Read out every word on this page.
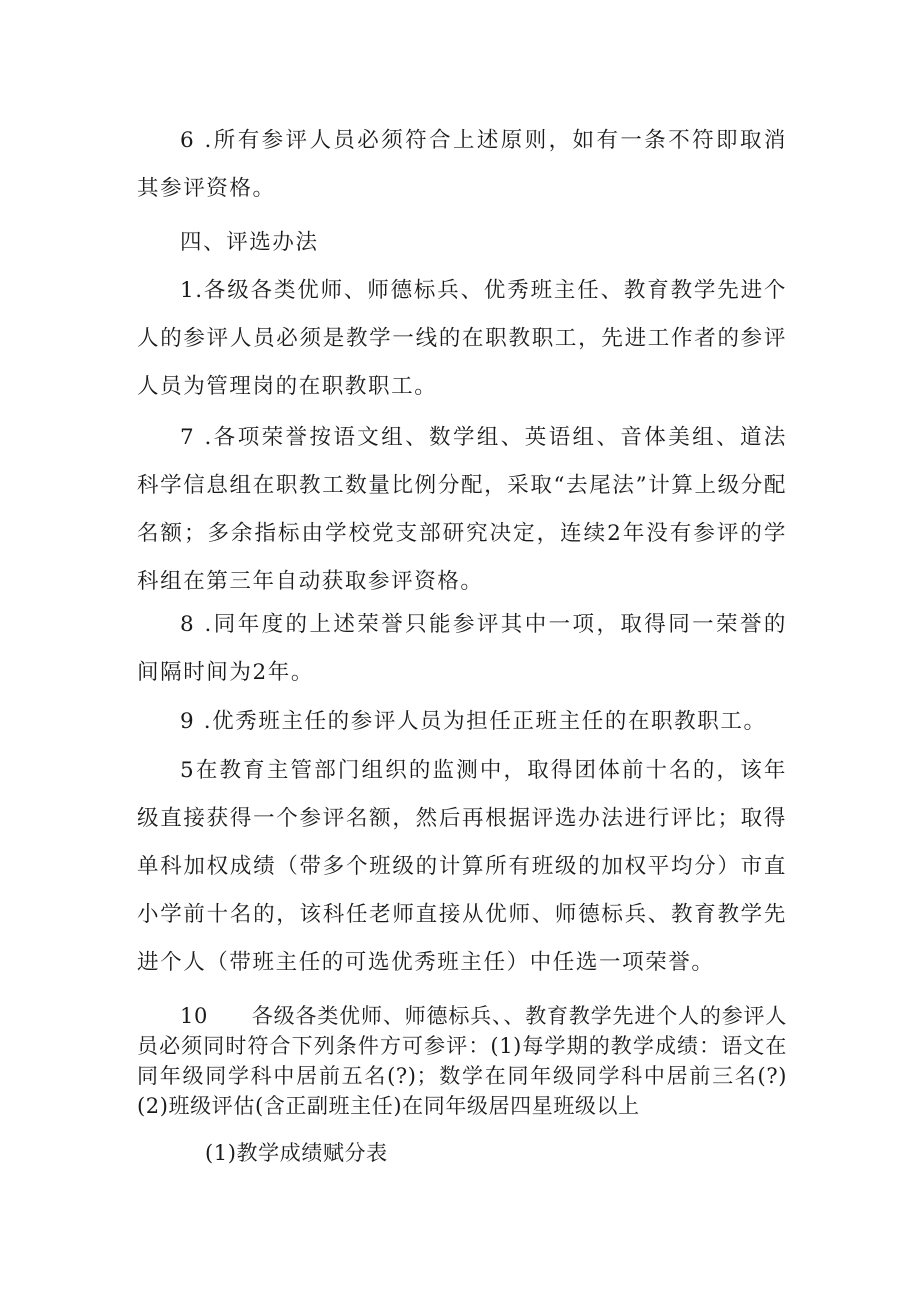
6 .所有参评人员必须符合上述原则，如有一条不符即取消其参评资格。

四、评选办法

1.各级各类优师、师德标兵、优秀班主任、教育教学先进个人的参评人员必须是教学一线的在职教职工，先进工作者的参评人员为管理岗的在职教职工。

7 .各项荣誉按语文组、数学组、英语组、音体美组、道法科学信息组在职教工数量比例分配，采取“去尾法”计算上级分配名额；多余指标由学校党支部研究决定，连续2年没有参评的学科组在第三年自动获取参评资格。

8 .同年度的上述荣誉只能参评其中一项，取得同一荣誉的间隔时间为2年。

9 .优秀班主任的参评人员为担任正班主任的在职教职工。

5在教育主管部门组织的监测中，取得团体前十名的，该年级直接获得一个参评名额，然后再根据评选办法进行评比；取得单科加权成绩（带多个班级的计算所有班级的加权平均分）市直小学前十名的，该科任老师直接从优师、师德标兵、教育教学先进个人（带班主任的可选优秀班主任）中任选一项荣誉。

10　　各级各类优师、师德标兵、、教育教学先进个人的参评人员必须同时符合下列条件方可参评：(1)每学期的教学成绩：语文在同年级同学科中居前五名(?)；数学在同年级同学科中居前三名(?)(2)班级评估(含正副班主任)在同年级居四星班级以上

(1)教学成绩赋分表
